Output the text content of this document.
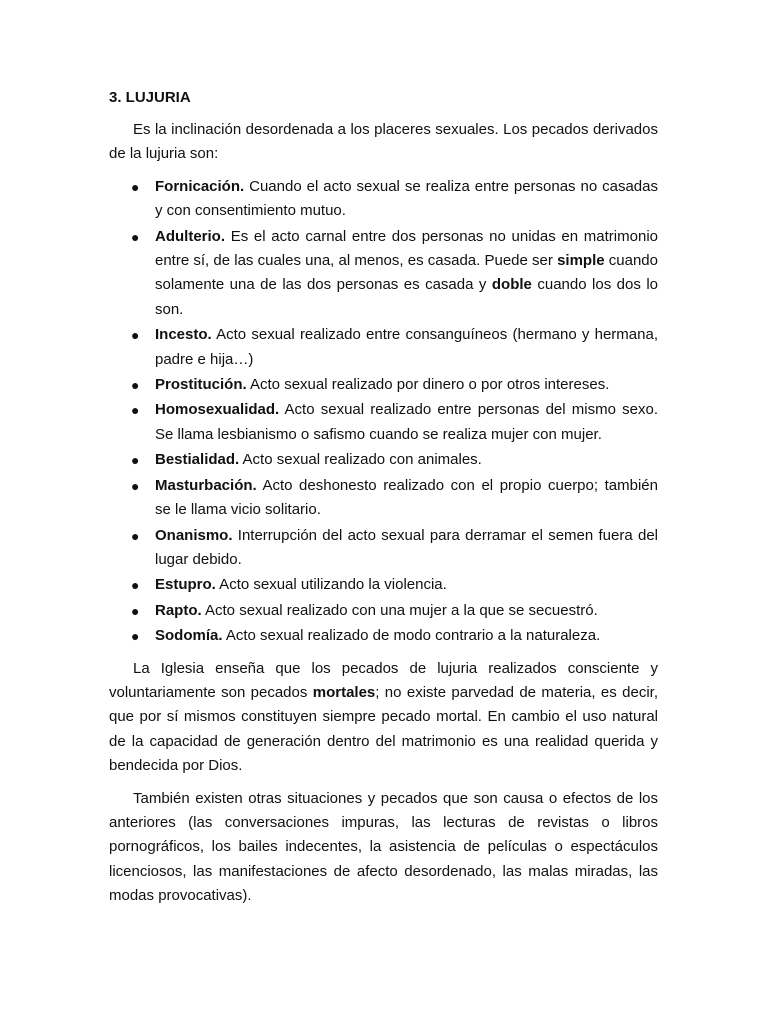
3. LUJURIA

Es la inclinación desordenada a los placeres sexuales. Los pecados derivados de la lujuria son:

● Fornicación. Cuando el acto sexual se realiza entre personas no casadas y con consentimiento mutuo.
● Adulterio. Es el acto carnal entre dos personas no unidas en matrimonio entre sí, de las cuales una, al menos, es casada. Puede ser simple cuando solamente una de las dos personas es casada y doble cuando los dos lo son.
● Incesto. Acto sexual realizado entre consanguíneos (hermano y hermana, padre e hija…)
● Prostitución. Acto sexual realizado por dinero o por otros intereses.
● Homosexualidad. Acto sexual realizado entre personas del mismo sexo. Se llama lesbianismo o safismo cuando se realiza mujer con mujer.
● Bestialidad. Acto sexual realizado con animales.
● Masturbación. Acto deshonesto realizado con el propio cuerpo; también se le llama vicio solitario.
● Onanismo. Interrupción del acto sexual para derramar el semen fuera del lugar debido.
● Estupro. Acto sexual utilizando la violencia.
● Rapto. Acto sexual realizado con una mujer a la que se secuestró.
● Sodomía. Acto sexual realizado de modo contrario a la naturaleza.

La Iglesia enseña que los pecados de lujuria realizados consciente y voluntariamente son pecados mortales; no existe parvedad de materia, es decir, que por sí mismos constituyen siempre pecado mortal. En cambio el uso natural de la capacidad de generación dentro del matrimonio es una realidad querida y bendecida por Dios.

También existen otras situaciones y pecados que son causa o efectos de los anteriores (las conversaciones impuras, las lecturas de revistas o libros pornográficos, los bailes indecentes, la asistencia de películas o espectáculos licenciosos, las manifestaciones de afecto desordenado, las malas miradas, las modas provocativas).
